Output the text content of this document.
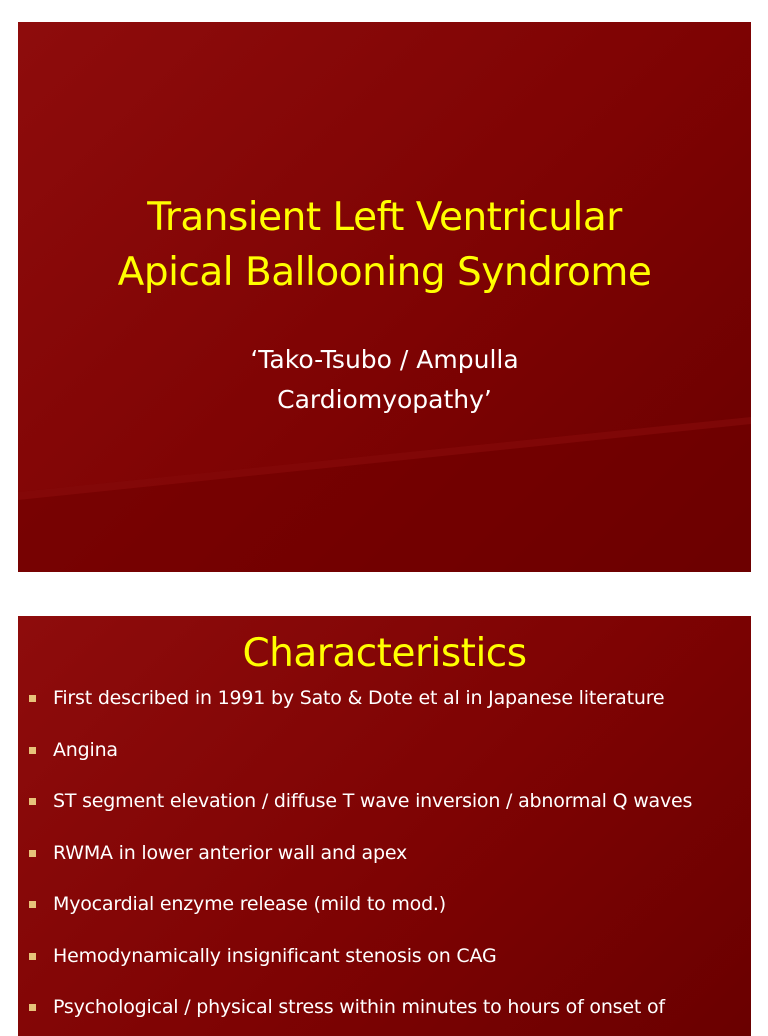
Transient Left Ventricular
Apical Ballooning Syndrome
‘Tako-Tsubo / Ampulla
Cardiomyopathy’
Characteristics
First described in 1991 by Sato & Dote et al in Japanese literature
Angina
ST segment elevation / diffuse T wave inversion / abnormal Q waves
RWMA in lower anterior wall and apex
Myocardial enzyme release (mild to mod.)
Hemodynamically insignificant stenosis on CAG
Psychological / physical stress within minutes to hours of onset of
